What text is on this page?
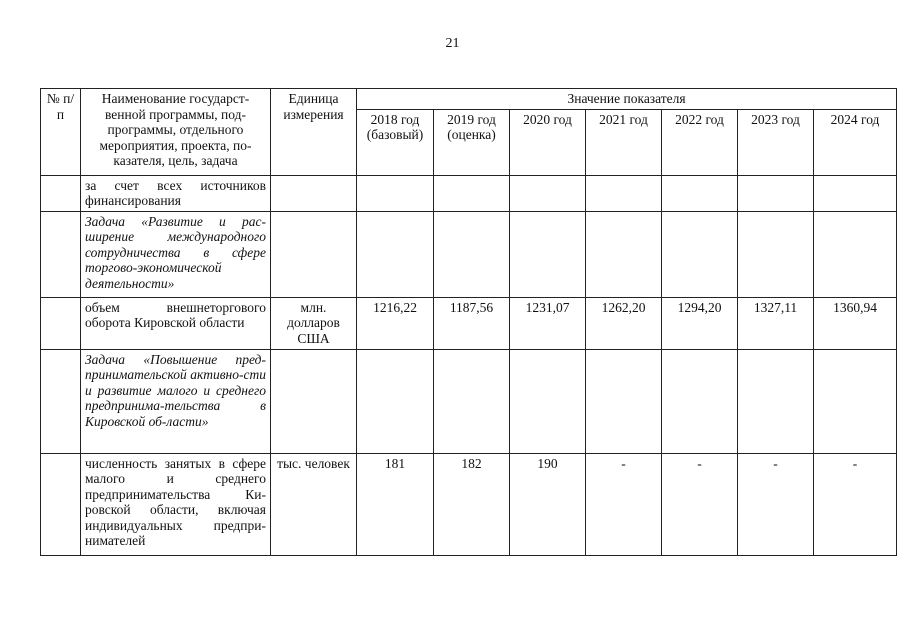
21
№ п/п	Наименование государст-венной программы, под-программы, отдельного мероприятия, проекта, по-казателя, цель, задача	Единица измерения	Значение показателя						
			2018 год (базовый)	2019 год (оценка)	2020 год	2021 год	2022 год	2023 год	2024 год
	за счет всех источников финансирования								
	Задача «Развитие и рас-ширение международного сотрудничества в сфере торгово-экономической деятельности»								
	объем внешнеторгового оборота Кировской области	млн. долларов США	1216,22	1187,56	1231,07	1262,20	1294,20	1327,11	1360,94
	Задача «Повышение пред-принимательской активно-сти и развитие малого и среднего предпринима-тельства в Кировской об-ласти»								
	численность занятых в сфере малого и среднего предпринимательства Ки-ровской области, включая индивидуальных предпри-нимателей	тыс. человек	181	182	190	-	-	-	-
